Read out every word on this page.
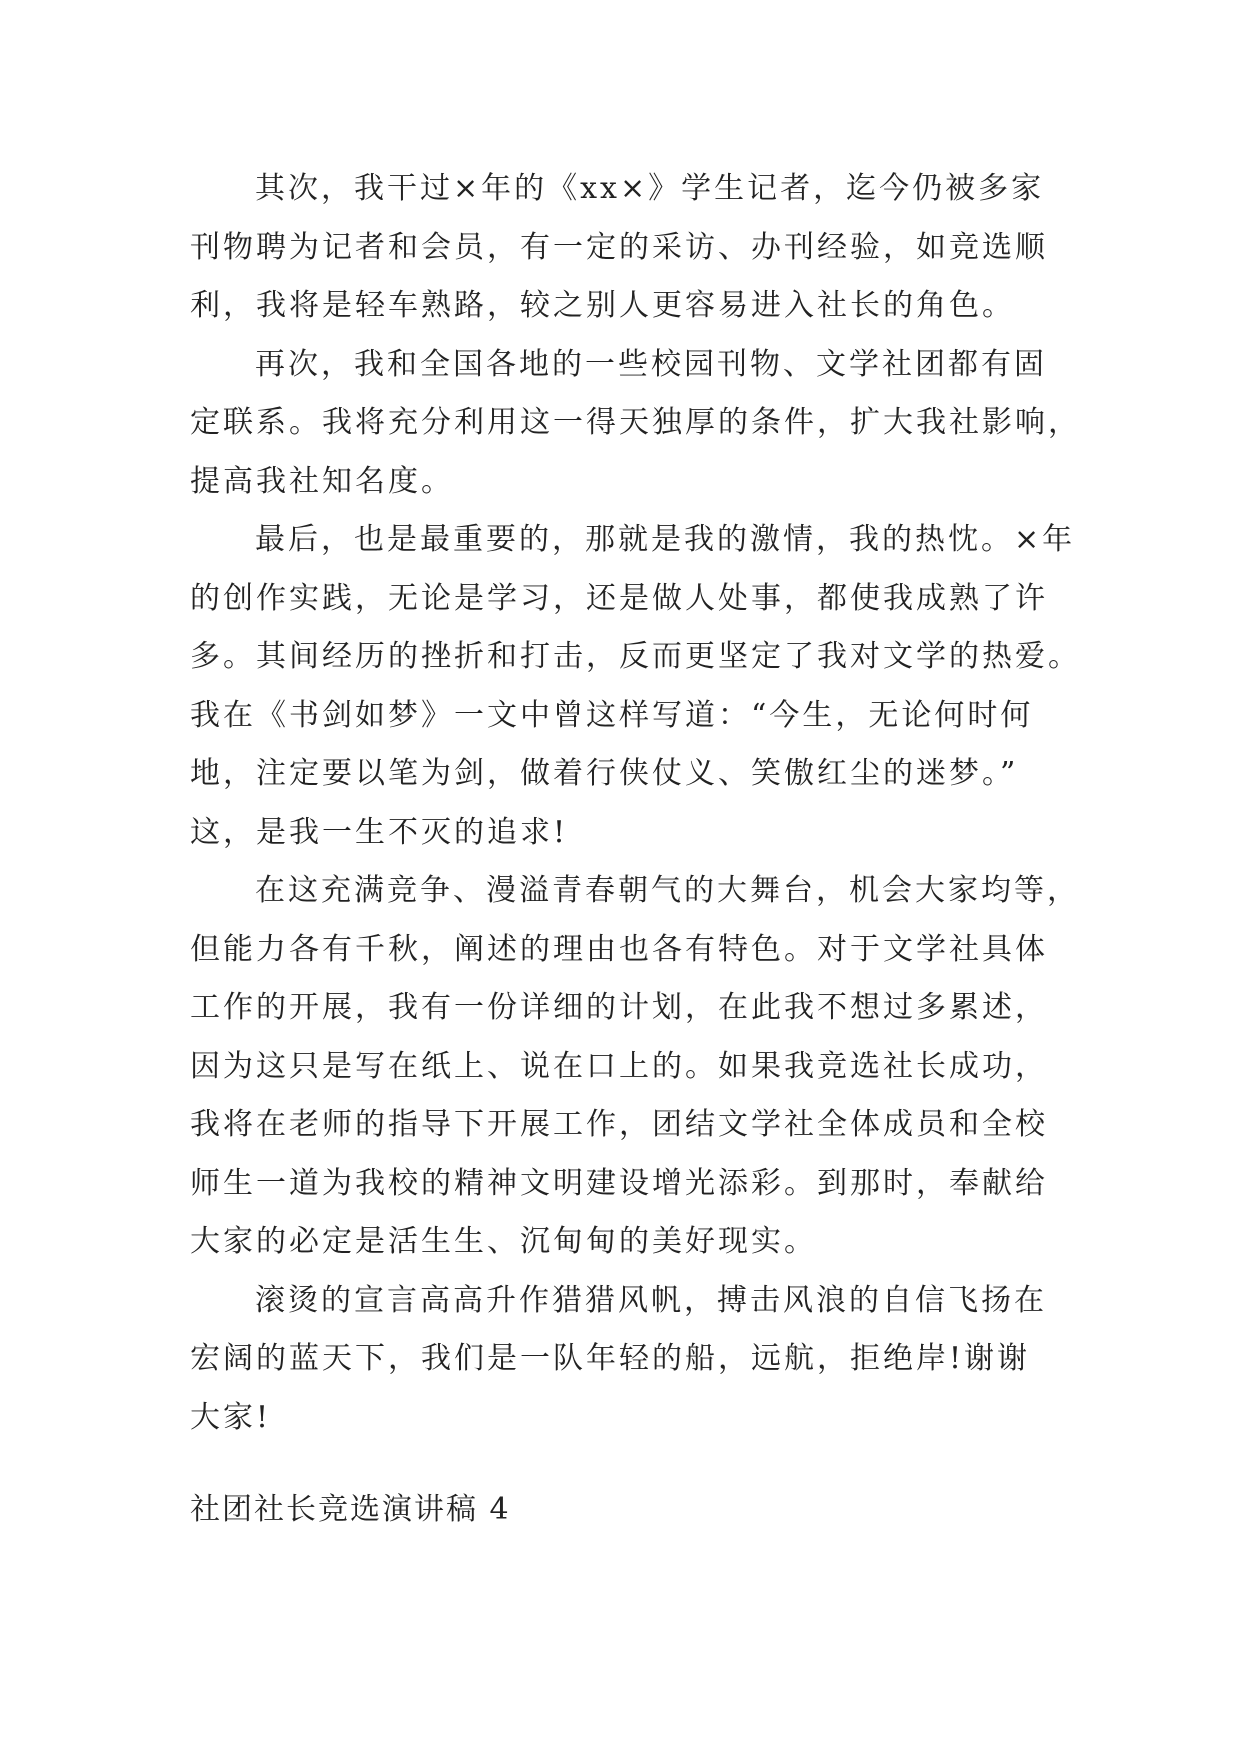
其次，我干过×年的《xx×》学生记者，迄今仍被多家
刊物聘为记者和会员，有一定的采访、办刊经验，如竞选顺
利，我将是轻车熟路，较之别人更容易进入社长的角色。
再次，我和全国各地的一些校园刊物、文学社团都有固
定联系。我将充分利用这一得天独厚的条件，扩大我社影响，
提高我社知名度。
最后，也是最重要的，那就是我的激情，我的热忱。×年
的创作实践，无论是学习，还是做人处事，都使我成熟了许
多。其间经历的挫折和打击，反而更坚定了我对文学的热爱。
我在《书剑如梦》一文中曾这样写道：“今生，无论何时何
地，注定要以笔为剑，做着行侠仗义、笑傲红尘的迷梦。”
这，是我一生不灭的追求!
在这充满竞争、漫溢青春朝气的大舞台，机会大家均等，
但能力各有千秋，阐述的理由也各有特色。对于文学社具体
工作的开展，我有一份详细的计划，在此我不想过多累述，
因为这只是写在纸上、说在口上的。如果我竞选社长成功，
我将在老师的指导下开展工作，团结文学社全体成员和全校
师生一道为我校的精神文明建设增光添彩。到那时，奉献给
大家的必定是活生生、沉甸甸的美好现实。
滚烫的宣言高高升作猎猎风帆，搏击风浪的自信飞扬在
宏阔的蓝天下，我们是一队年轻的船，远航，拒绝岸!谢谢
大家!
社团社长竞选演讲稿 4
